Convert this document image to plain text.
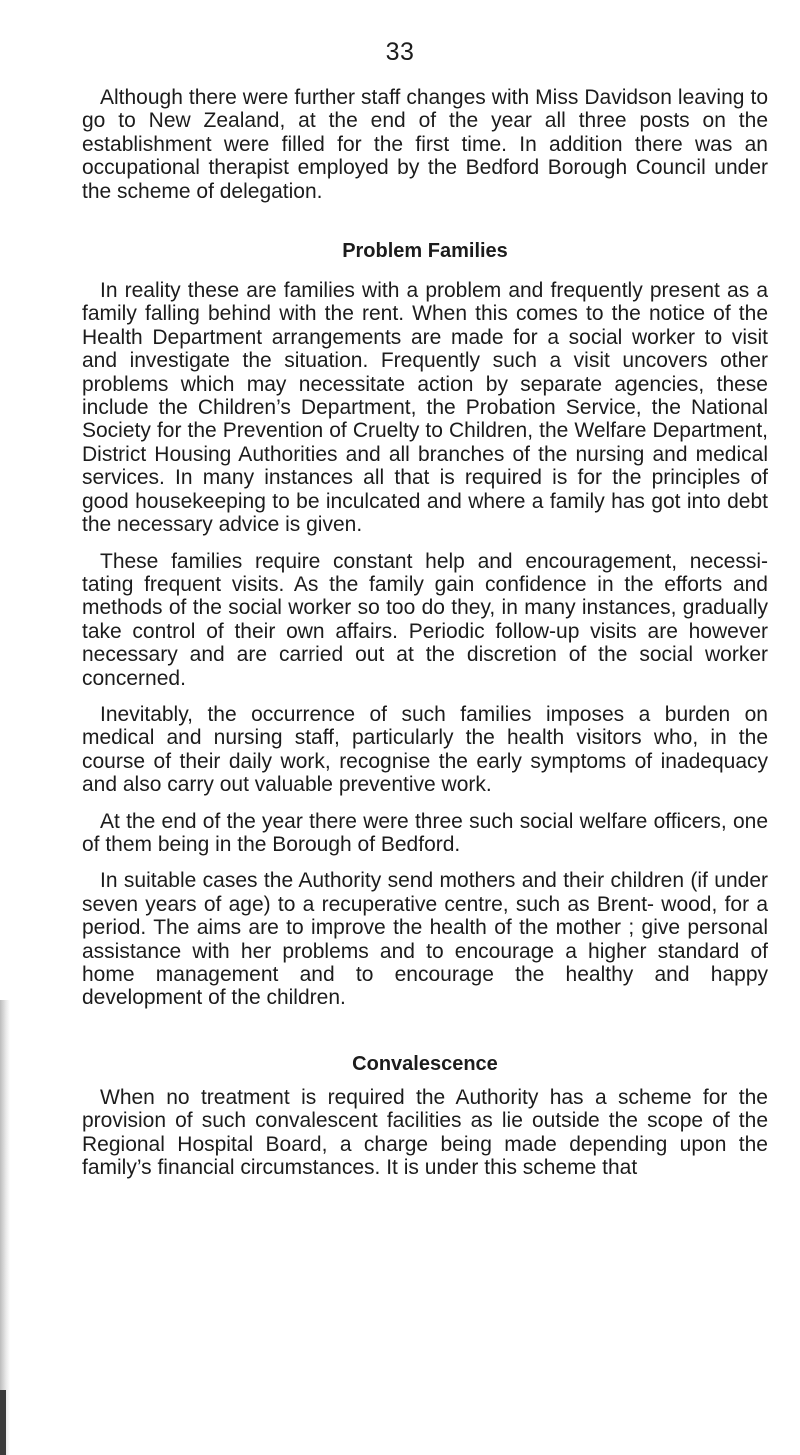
33

Although there were further staff changes with Miss Davidson leaving to go to New Zealand, at the end of the year all three posts on the establishment were filled for the first time. In addition there was an occupational therapist employed by the Bedford Borough Council under the scheme of delegation.

Problem Families

In reality these are families with a problem and frequently present as a family falling behind with the rent. When this comes to the notice of the Health Department arrangements are made for a social worker to visit and investigate the situation. Frequently such a visit uncovers other problems which may necessitate action by separate agencies, these include the Children’s Department, the Probation Service, the National Society for the Prevention of Cruelty to Children, the Welfare Department, District Housing Authorities and all branches of the nursing and medical services. In many instances all that is required is for the principles of good housekeeping to be inculcated and where a family has got into debt the necessary advice is given.

These families require constant help and encouragement, necessi- tating frequent visits. As the family gain confidence in the efforts and methods of the social worker so too do they, in many instances, gradually take control of their own affairs. Periodic follow-up visits are however necessary and are carried out at the discretion of the social worker concerned.

Inevitably, the occurrence of such families imposes a burden on medical and nursing staff, particularly the health visitors who, in the course of their daily work, recognise the early symptoms of inadequacy and also carry out valuable preventive work.

At the end of the year there were three such social welfare officers, one of them being in the Borough of Bedford.

In suitable cases the Authority send mothers and their children (if under seven years of age) to a recuperative centre, such as Brent- wood, for a period. The aims are to improve the health of the mother ; give personal assistance with her problems and to encourage a higher standard of home management and to encourage the healthy and happy development of the children.

Convalescence

When no treatment is required the Authority has a scheme for the provision of such convalescent facilities as lie outside the scope of the Regional Hospital Board, a charge being made depending upon the family’s financial circumstances. It is under this scheme that
